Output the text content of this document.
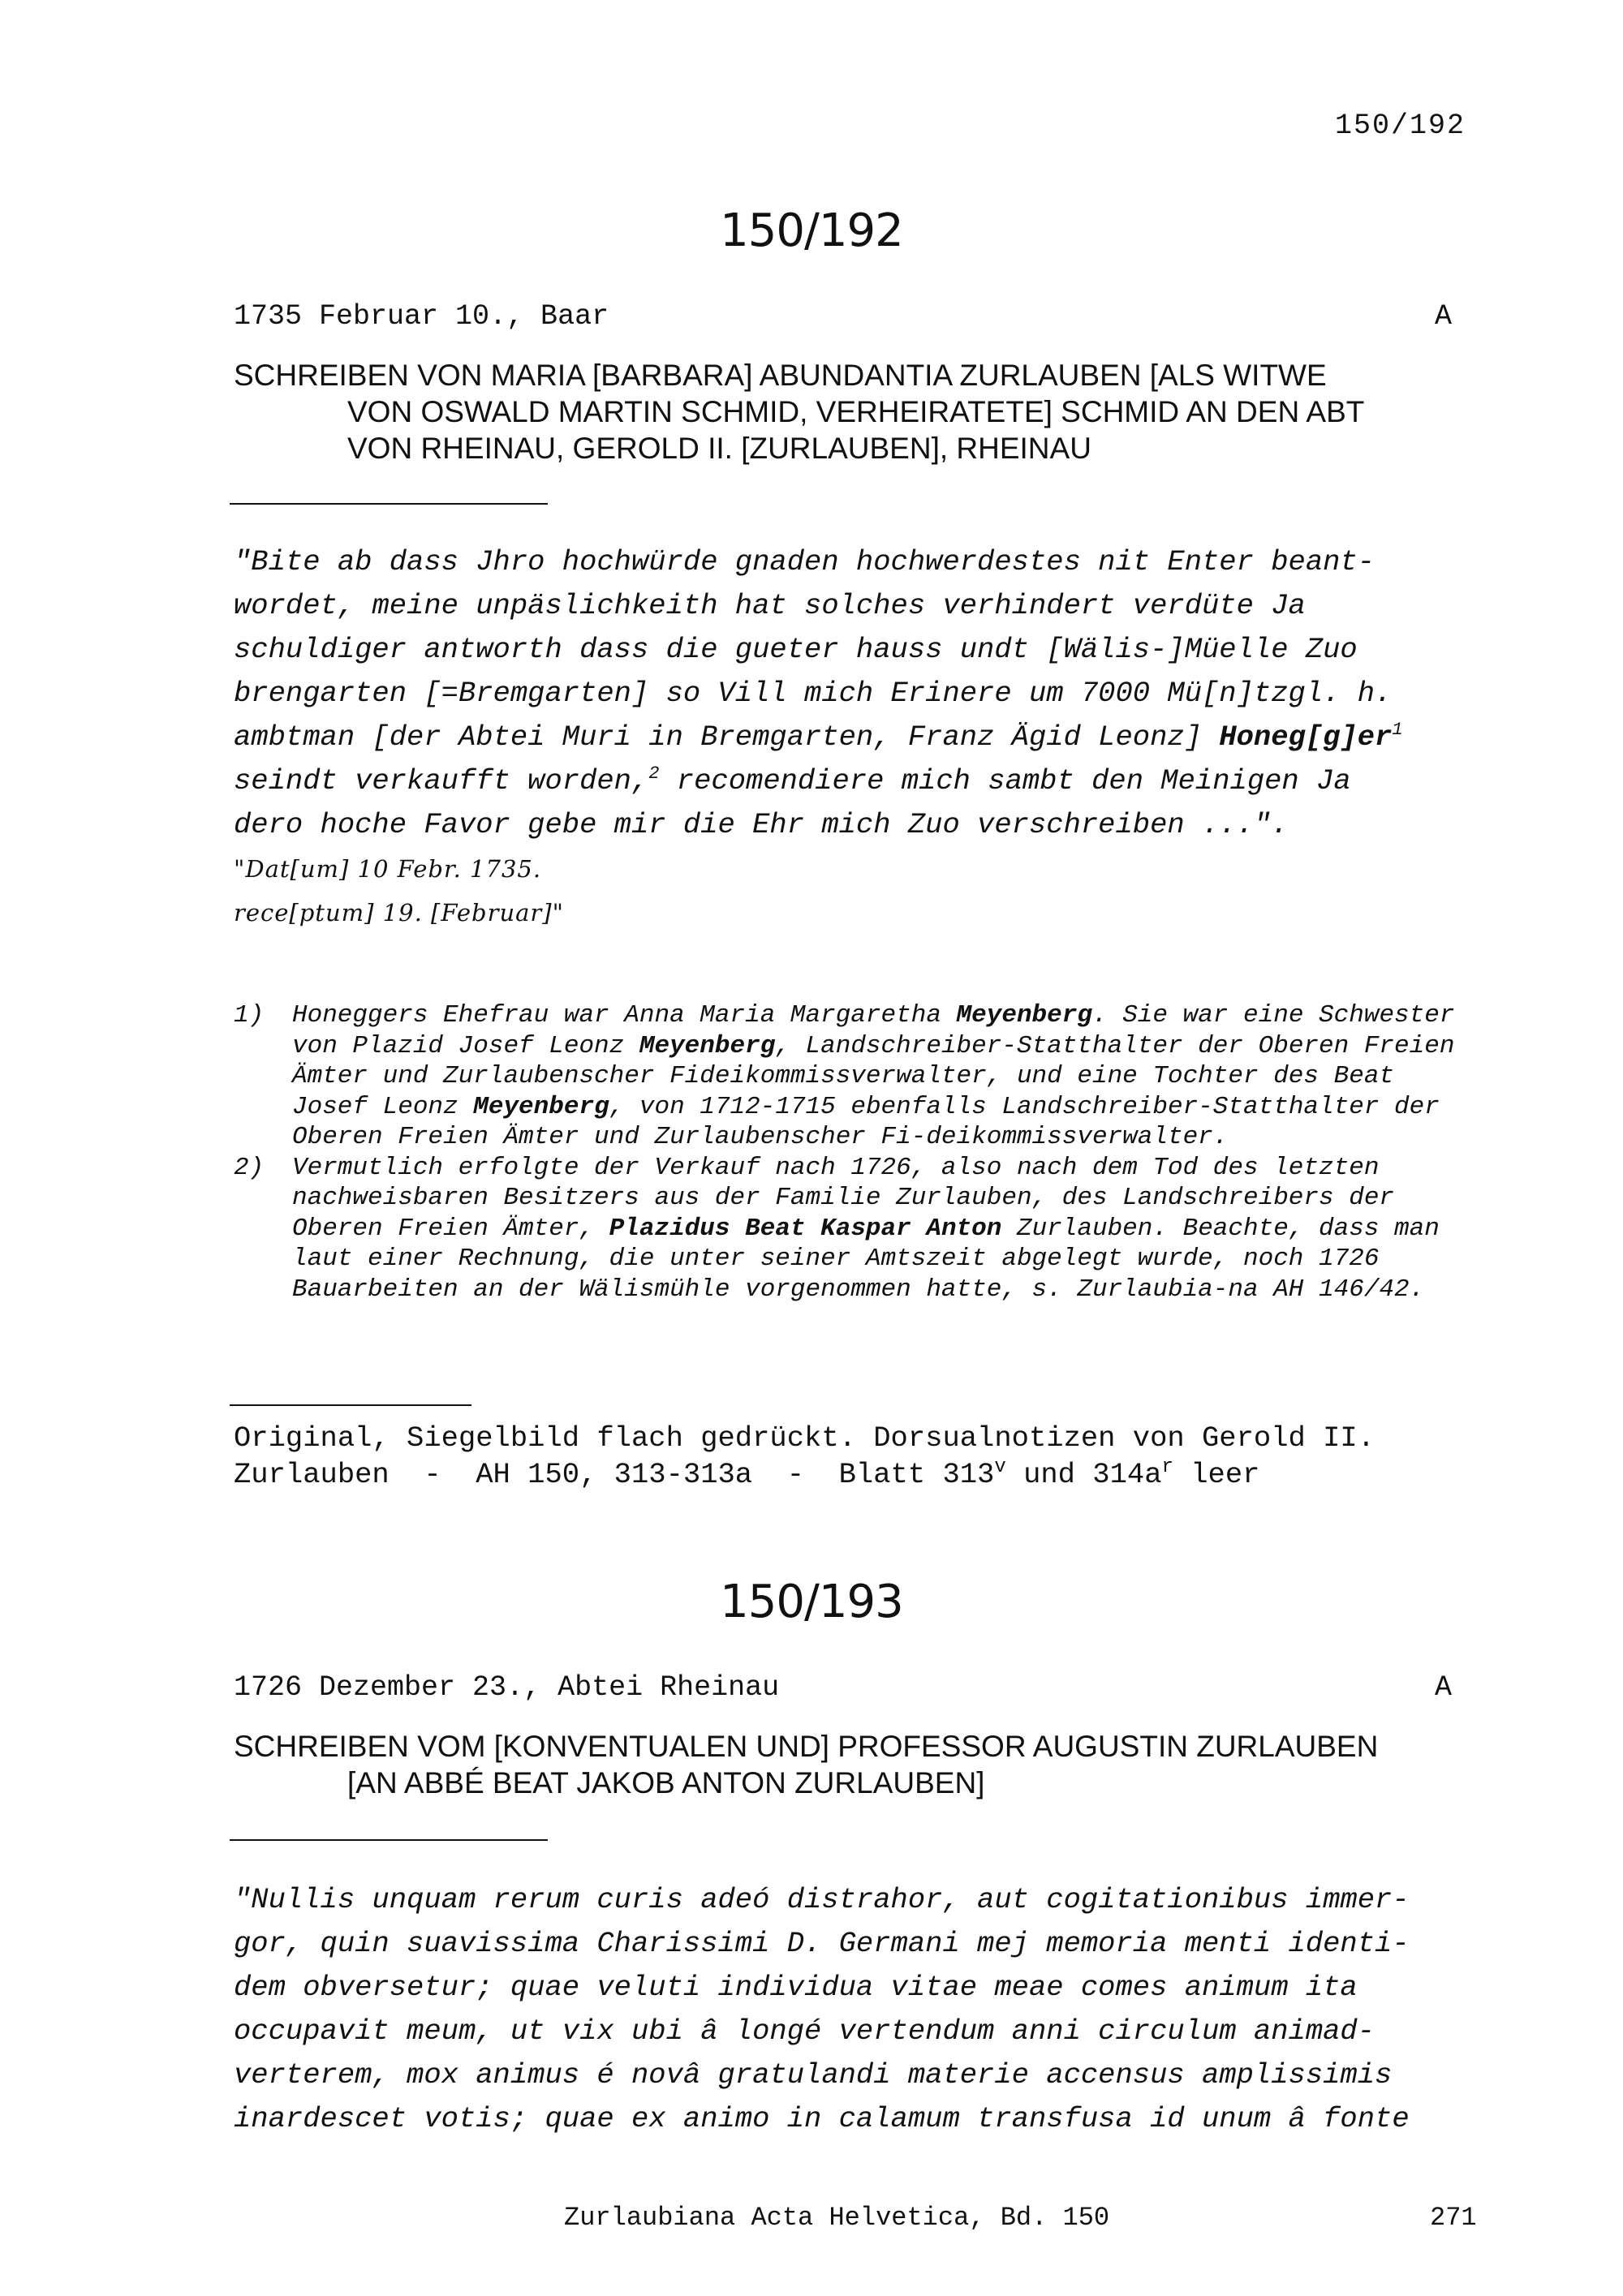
150/192
150/192
1735 Februar 10., Baar	A
SCHREIBEN VON MARIA [BARBARA] ABUNDANTIA ZURLAUBEN [ALS WITWE
VON OSWALD MARTIN SCHMID, VERHEIRATETE] SCHMID AN DEN ABT
VON RHEINAU, GEROLD II. [ZURLAUBEN], RHEINAU
"Bite ab dass Jhro hochwürde gnaden hochwerdestes nit Enter beant-
wordet, meine unpäslichkeith hat solches verhindert verdüte Ja
schuldiger antworth dass die gueter hauss undt [Wälis-]Müelle Zuo
brengarten [=Bremgarten] so Vill mich Erinere um 7000 Mü[n]tzgl. h.
ambtman [der Abtei Muri in Bremgarten, Franz Ägid Leonz] $Honeg[g]er^1$
seindt verkaufft worden,$^2$ recomendiere mich sambt den Meinigen Ja
dero hoche Favor gebe mir die Ehr mich Zuo verschreiben ...".
"Dat[um] 10 Febr. 1735.
rece[ptum] 19. [Februar]"
1)	Honeggers Ehefrau war Anna Maria Margaretha Meyenberg. Sie war eine Schwester von Plazid Josef Leonz Meyenberg, Landschreiber-Statthalter der Oberen Freien Ämter und Zurlaubenscher Fideikommissverwalter, und eine Tochter des Beat Josef Leonz Meyenberg, von 1712-1715 ebenfalls Landschreiber-Statthalter der Oberen Freien Ämter und Zurlaubenscher Fi-deikommissverwalter.
2)	Vermutlich erfolgte der Verkauf nach 1726, also nach dem Tod des letzten nachweisbaren Besitzers aus der Familie Zurlauben, des Landschreibers der Oberen Freien Ämter, Plazidus Beat Kaspar Anton Zurlauben. Beachte, dass man laut einer Rechnung, die unter seiner Amtszeit abgelegt wurde, noch 1726 Bauarbeiten an der Wälismühle vorgenommen hatte, s. Zurlaubia-na AH 146/42.
Original, Siegelbild flach gedrückt. Dorsualnotizen von Gerold II.
Zurlauben  -  AH 150, 313-313a  -  Blatt 313$^v$ und $314a^r$ leer
150/193
1726 Dezember 23., Abtei Rheinau	A
SCHREIBEN VOM [KONVENTUALEN UND] PROFESSOR AUGUSTIN ZURLAUBEN
[AN ABBÉ BEAT JAKOB ANTON ZURLAUBEN]
"Nullis unquam rerum curis adeó distrahor, aut cogitationibus immer-
gor, quin suavissima Charissimi D. Germani mej memoria menti identi-
dem obversetur; quae veluti individua vitae meae comes animum ita
occupavit meum, ut vix ubi â longé vertendum anni circulum animad-
verterem, mox animus é novâ gratulandi materie accensus amplissimis
inardescet votis; quae ex animo in calamum transfusa id unum â fonte
Zurlaubiana Acta Helvetica, Bd. 150	271
